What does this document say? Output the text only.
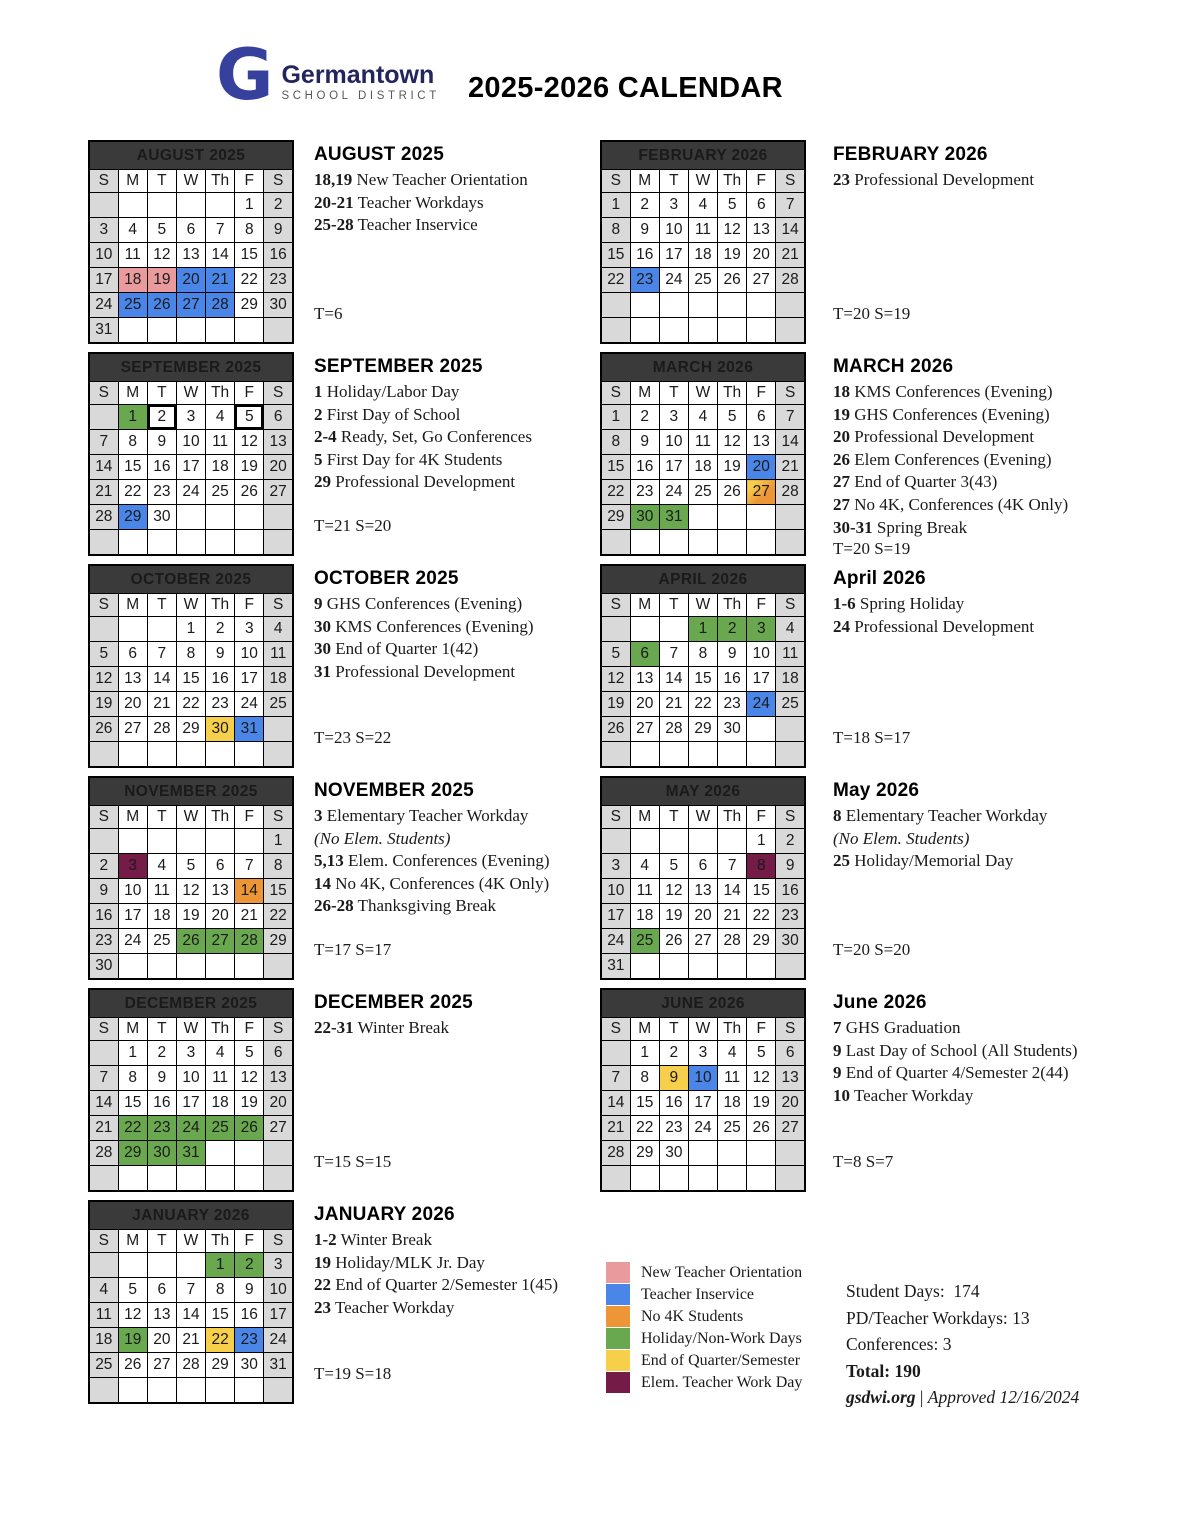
G Germantown
SCHOOL DISTRICT 2025-2026 CALENDAR
New Teacher Orientation
Teacher Inservice
No 4K Students
Holiday/Non-Work Days
End of Quarter/Semester
Elem. Teacher Work Day
Student Days:  174
PD/Teacher Workdays: 13
Conferences: 3
Total: 190
gsdwi.org | Approved 12/16/2024
AUGUST 2025						
S	M	T	W	Th	F	S
					1	2
3	4	5	6	7	8	9
10	11	12	13	14	15	16
17	18	19	20	21	22	23
24	25	26	27	28	29	30
31						
AUGUST 2025
18,19 New Teacher Orientation
20-21 Teacher Workdays
25-28 Teacher Inservice
T=6
SEPTEMBER 2025						
S	M	T	W	Th	F	S
	1	2	3	4	5	6
7	8	9	10	11	12	13
14	15	16	17	18	19	20
21	22	23	24	25	26	27
28	29	30				

SEPTEMBER 2025
1 Holiday/Labor Day
2 First Day of School
2-4 Ready, Set, Go Conferences
5 First Day for 4K Students
29 Professional Development
T=21 S=20
OCTOBER 2025						
S	M	T	W	Th	F	S
			1	2	3	4
5	6	7	8	9	10	11
12	13	14	15	16	17	18
19	20	21	22	23	24	25
26	27	28	29	30	31	

OCTOBER 2025
9 GHS Conferences (Evening)
30 KMS Conferences (Evening)
30 End of Quarter 1(42)
31 Professional Development
T=23 S=22
NOVEMBER 2025						
S	M	T	W	Th	F	S
						1
2	3	4	5	6	7	8
9	10	11	12	13	14	15
16	17	18	19	20	21	22
23	24	25	26	27	28	29
30						
NOVEMBER 2025
3 Elementary Teacher Workday
(No Elem. Students)
5,13 Elem. Conferences (Evening)
14 No 4K, Conferences (4K Only)
26-28 Thanksgiving Break
T=17 S=17
DECEMBER 2025						
S	M	T	W	Th	F	S
	1	2	3	4	5	6
7	8	9	10	11	12	13
14	15	16	17	18	19	20
21	22	23	24	25	26	27
28	29	30	31			

DECEMBER 2025
22-31 Winter Break
T=15 S=15
JANUARY 2026						
S	M	T	W	Th	F	S
				1	2	3
4	5	6	7	8	9	10
11	12	13	14	15	16	17
18	19	20	21	22	23	24
25	26	27	28	29	30	31

JANUARY 2026
1-2 Winter Break
19 Holiday/MLK Jr. Day
22 End of Quarter 2/Semester 1(45)
23 Teacher Workday
T=19 S=18
FEBRUARY 2026						
S	M	T	W	Th	F	S
1	2	3	4	5	6	7
8	9	10	11	12	13	14
15	16	17	18	19	20	21
22	23	24	25	26	27	28

FEBRUARY 2026
23 Professional Development
T=20 S=19
MARCH 2026						
S	M	T	W	Th	F	S
1	2	3	4	5	6	7
8	9	10	11	12	13	14
15	16	17	18	19	20	21
22	23	24	25	26	27	28
29	30	31				

MARCH 2026
18 KMS Conferences (Evening)
19 GHS Conferences (Evening)
20 Professional Development
26 Elem Conferences (Evening)
27 End of Quarter 3(43)
27 No 4K, Conferences (4K Only)
30-31 Spring Break
T=20 S=19
APRIL 2026						
S	M	T	W	Th	F	S
			1	2	3	4
5	6	7	8	9	10	11
12	13	14	15	16	17	18
19	20	21	22	23	24	25
26	27	28	29	30		

April 2026
1-6 Spring Holiday
24 Professional Development
T=18 S=17
MAY 2026						
S	M	T	W	Th	F	S
					1	2
3	4	5	6	7	8	9
10	11	12	13	14	15	16
17	18	19	20	21	22	23
24	25	26	27	28	29	30
31						
May 2026
8 Elementary Teacher Workday
(No Elem. Students)
25 Holiday/Memorial Day
T=20 S=20
JUNE 2026						
S	M	T	W	Th	F	S
	1	2	3	4	5	6
7	8	9	10	11	12	13
14	15	16	17	18	19	20
21	22	23	24	25	26	27
28	29	30				

June 2026
7 GHS Graduation
9 Last Day of School (All Students)
9 End of Quarter 4/Semester 2(44)
10 Teacher Workday
T=8 S=7
